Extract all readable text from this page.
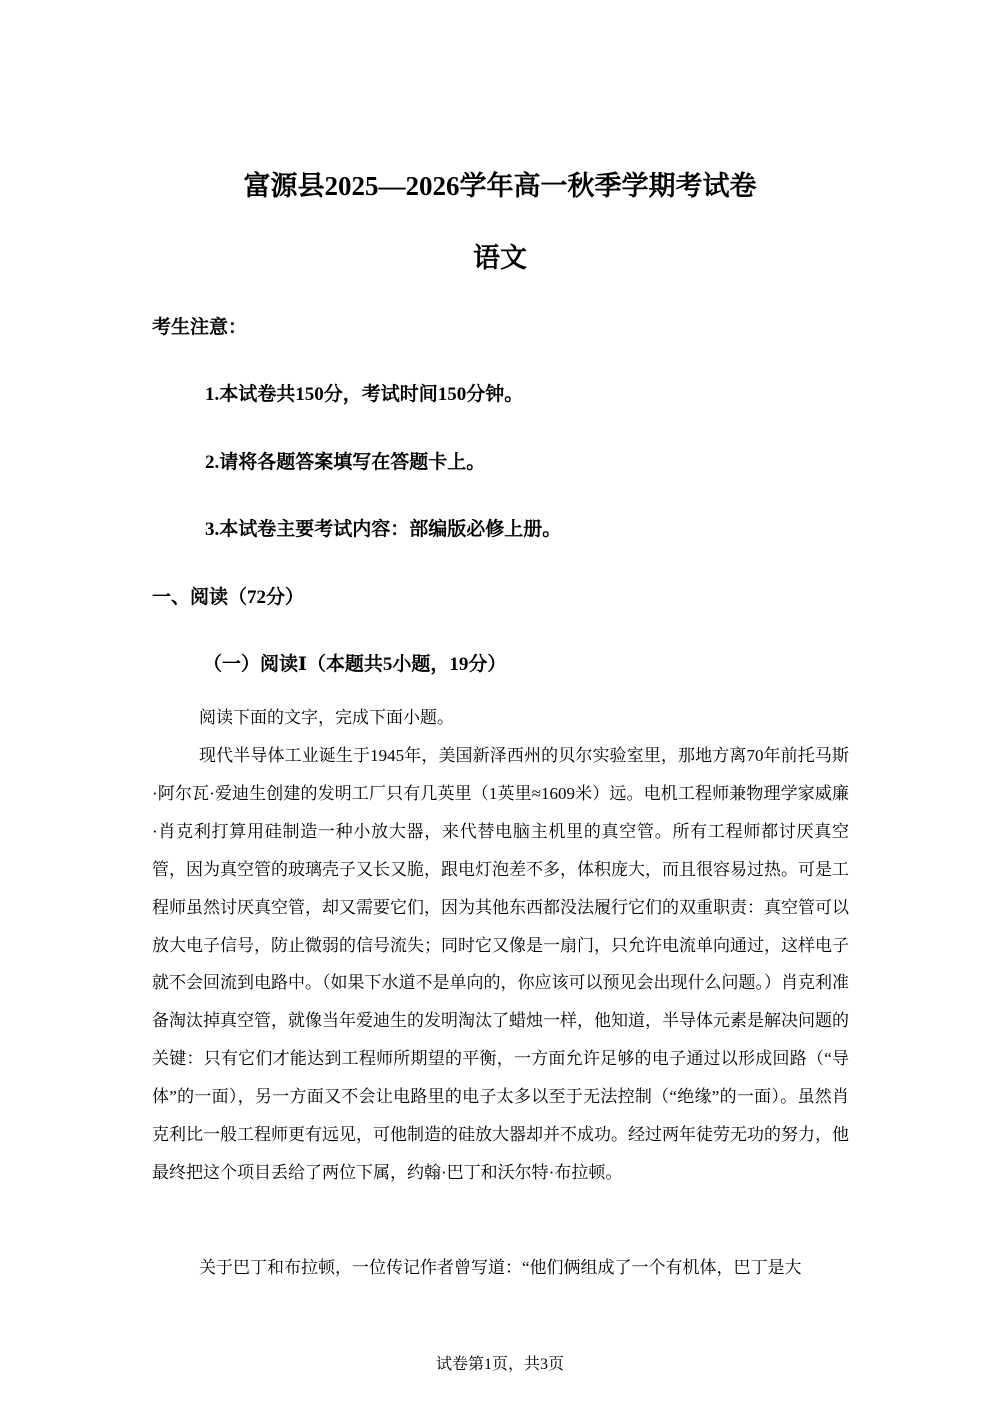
富源县2025—2026学年高一秋季学期考试卷
语文
考生注意：
1.本试卷共150分，考试时间150分钟。
2.请将各题答案填写在答题卡上。
3.本试卷主要考试内容：部编版必修上册。
一、阅读（72分）
（一）阅读Ⅰ（本题共5小题，19分）
阅读下面的文字，完成下面小题。

现代半导体工业诞生于1945年，美国新泽西州的贝尔实验室里，那地方离70年前托马斯·阿尔瓦·爱迪生创建的发明工厂只有几英里（1英里≈1609米）远。电机工程师兼物理学家威廉·肖克利打算用硅制造一种小放大器，来代替电脑主机里的真空管。所有工程师都讨厌真空管，因为真空管的玻璃壳子又长又脆，跟电灯泡差不多，体积庞大，而且很容易过热。可是工程师虽然讨厌真空管，却又需要它们，因为其他东西都没法履行它们的双重职责：真空管可以放大电子信号，防止微弱的信号流失；同时它又像是一扇门，只允许电流单向通过，这样电子就不会回流到电路中。（如果下水道不是单向的，你应该可以预见会出现什么问题。）肖克利准备淘汰掉真空管，就像当年爱迪生的发明淘汰了蜡烛一样，他知道，半导体元素是解决问题的关键：只有它们才能达到工程师所期望的平衡，一方面允许足够的电子通过以形成回路（“导体”的一面），另一方面又不会让电路里的电子太多以至于无法控制（“绝缘”的一面）。虽然肖克利比一般工程师更有远见，可他制造的硅放大器却并不成功。经过两年徒劳无功的努力，他最终把这个项目丢给了两位下属，约翰·巴丁和沃尔特·布拉顿。

关于巴丁和布拉顿，一位传记作者曾写道：“他们俩组成了一个有机体，巴丁是大

试卷第1页，共3页
